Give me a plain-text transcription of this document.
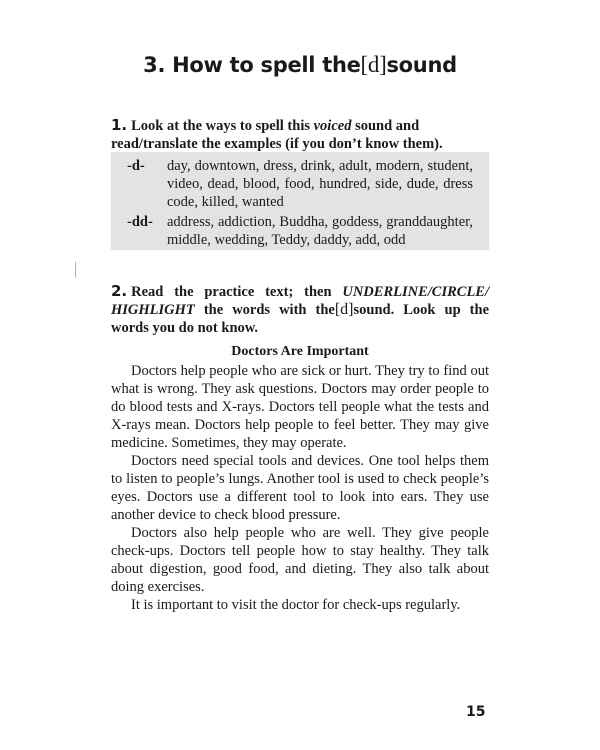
3. How to spell the[d]sound
1. Look at the ways to spell this voiced sound and read/translate the examples (if you don’t know them).
-d- day, downtown, dress, drink, adult, modern, student, video, dead, blood, food, hundred, side, dude, dress code, killed, wanted
-dd- address, addiction, Buddha, goddess, granddaughter, middle, wedding, Teddy, daddy, add, odd
2. Read the practice text; then UNDERLINE/CIRCLE/ HIGHLIGHT the words with the[d]sound. Look up the words you do not know.
Doctors Are Important

Doctors help people who are sick or hurt. They try to find out what is wrong. They ask questions. Doctors may order people to do blood tests and X-rays. Doctors tell people what the tests and X-rays mean. Doctors help people to feel better. They may give medicine. Sometimes, they may operate.

Doctors need special tools and devices. One tool helps them to listen to people’s lungs. Another tool is used to check people’s eyes. Doctors use a different tool to look into ears. They use another device to check blood pressure.

Doctors also help people who are well. They give people check-ups. Doctors tell people how to stay healthy. They talk about digestion, good food, and dieting. They also talk about doing exercises.

It is important to visit the doctor for check-ups regularly.

15
